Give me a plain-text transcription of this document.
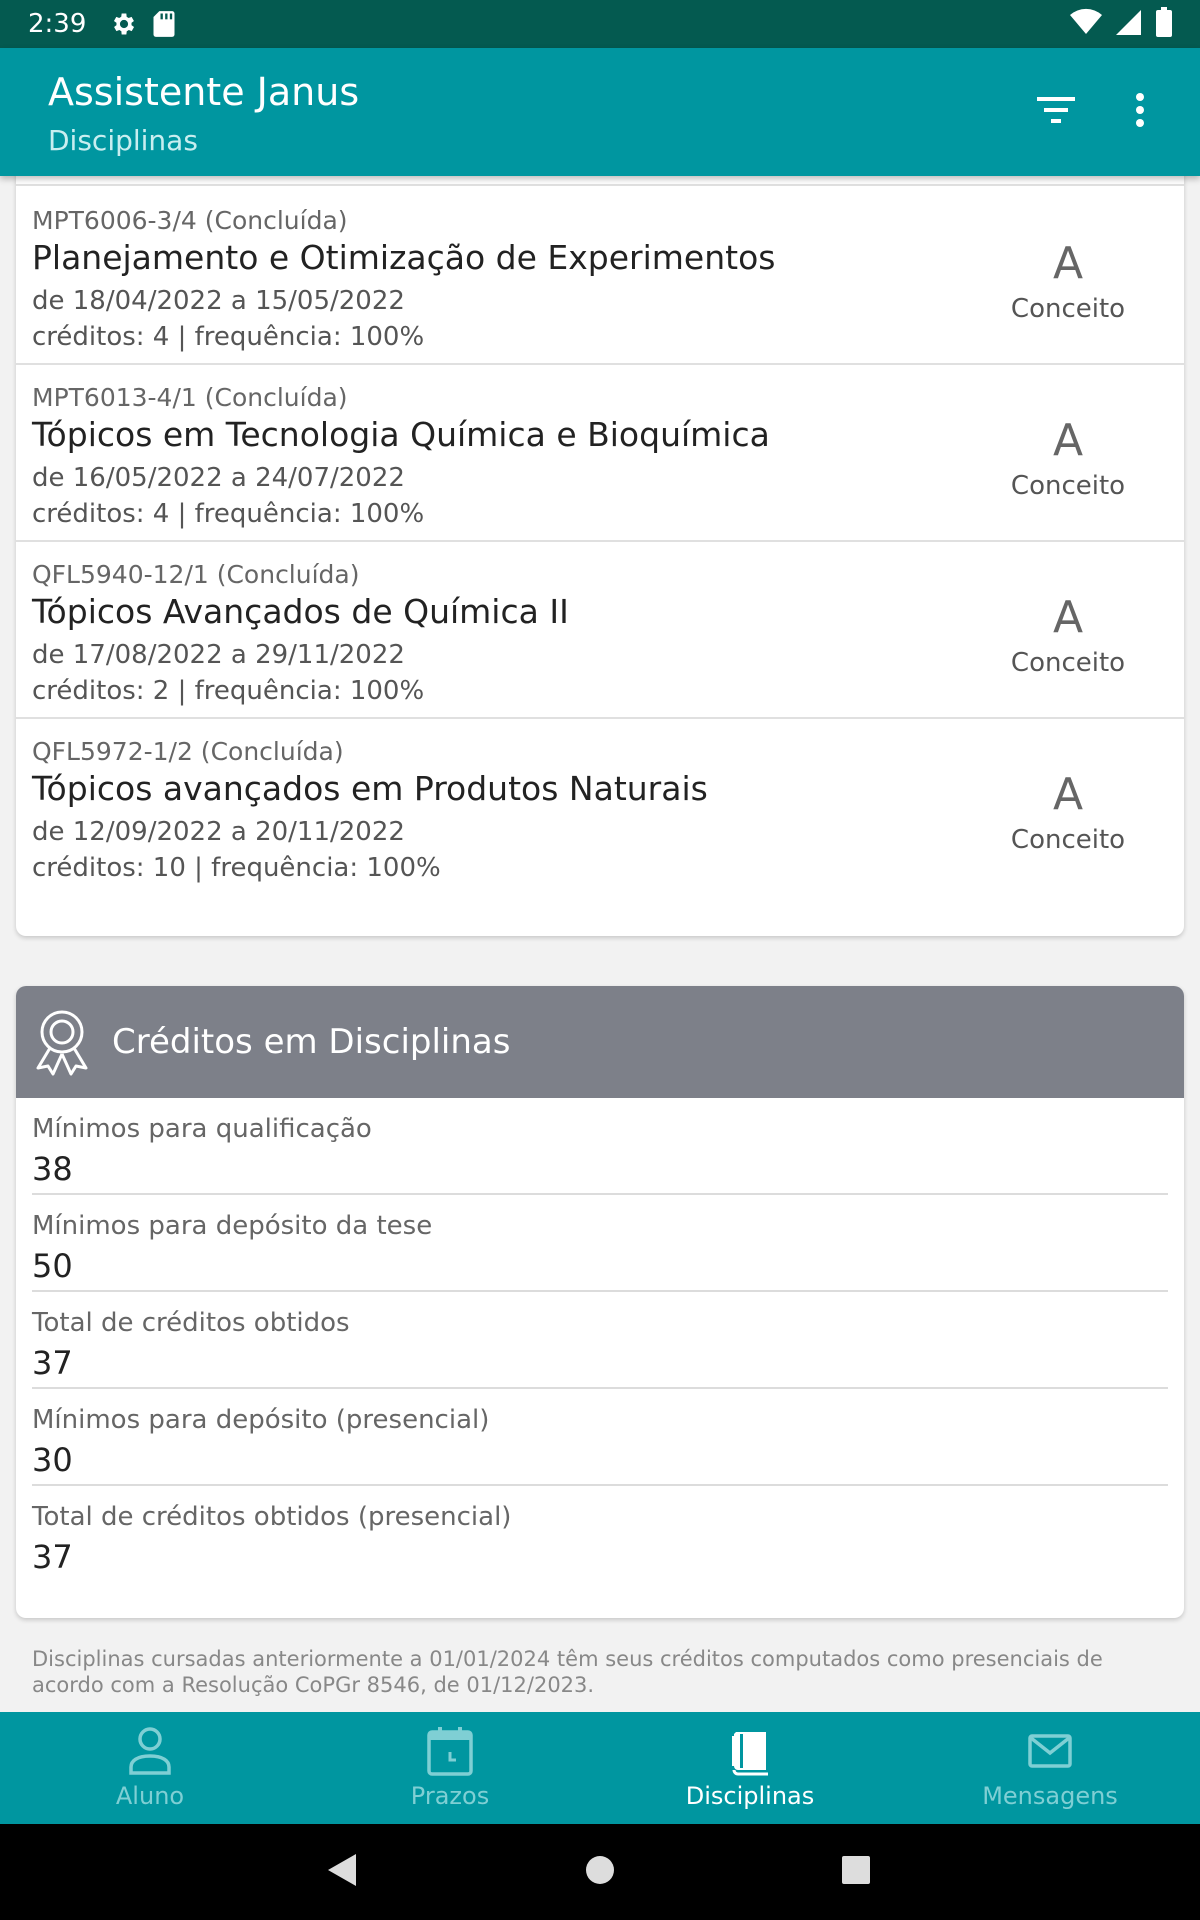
2:39
Assistente Janus
Disciplinas
MPT6006-3/4 (Concluída)
Planejamento e Otimização de Experimentos
de 18/04/2022 a 15/05/2022
créditos: 4 | frequência: 100%
A
Conceito
MPT6013-4/1 (Concluída)
Tópicos em Tecnologia Química e Bioquímica
de 16/05/2022 a 24/07/2022
créditos: 4 | frequência: 100%
A
Conceito
QFL5940-12/1 (Concluída)
Tópicos Avançados de Química II
de 17/08/2022 a 29/11/2022
créditos: 2 | frequência: 100%
A
Conceito
QFL5972-1/2 (Concluída)
Tópicos avançados em Produtos Naturais
de 12/09/2022 a 20/11/2022
créditos: 10 | frequência: 100%
A
Conceito
Créditos em Disciplinas
Mínimos para qualificação
38
Mínimos para depósito da tese
50
Total de créditos obtidos
37
Mínimos para depósito (presencial)
30
Total de créditos obtidos (presencial)
37
Disciplinas cursadas anteriormente a 01/01/2024 têm seus créditos computados como presenciais de acordo com a Resolução CoPGr 8546, de 01/12/2023.
Aluno	Prazos	Disciplinas	Mensagens
